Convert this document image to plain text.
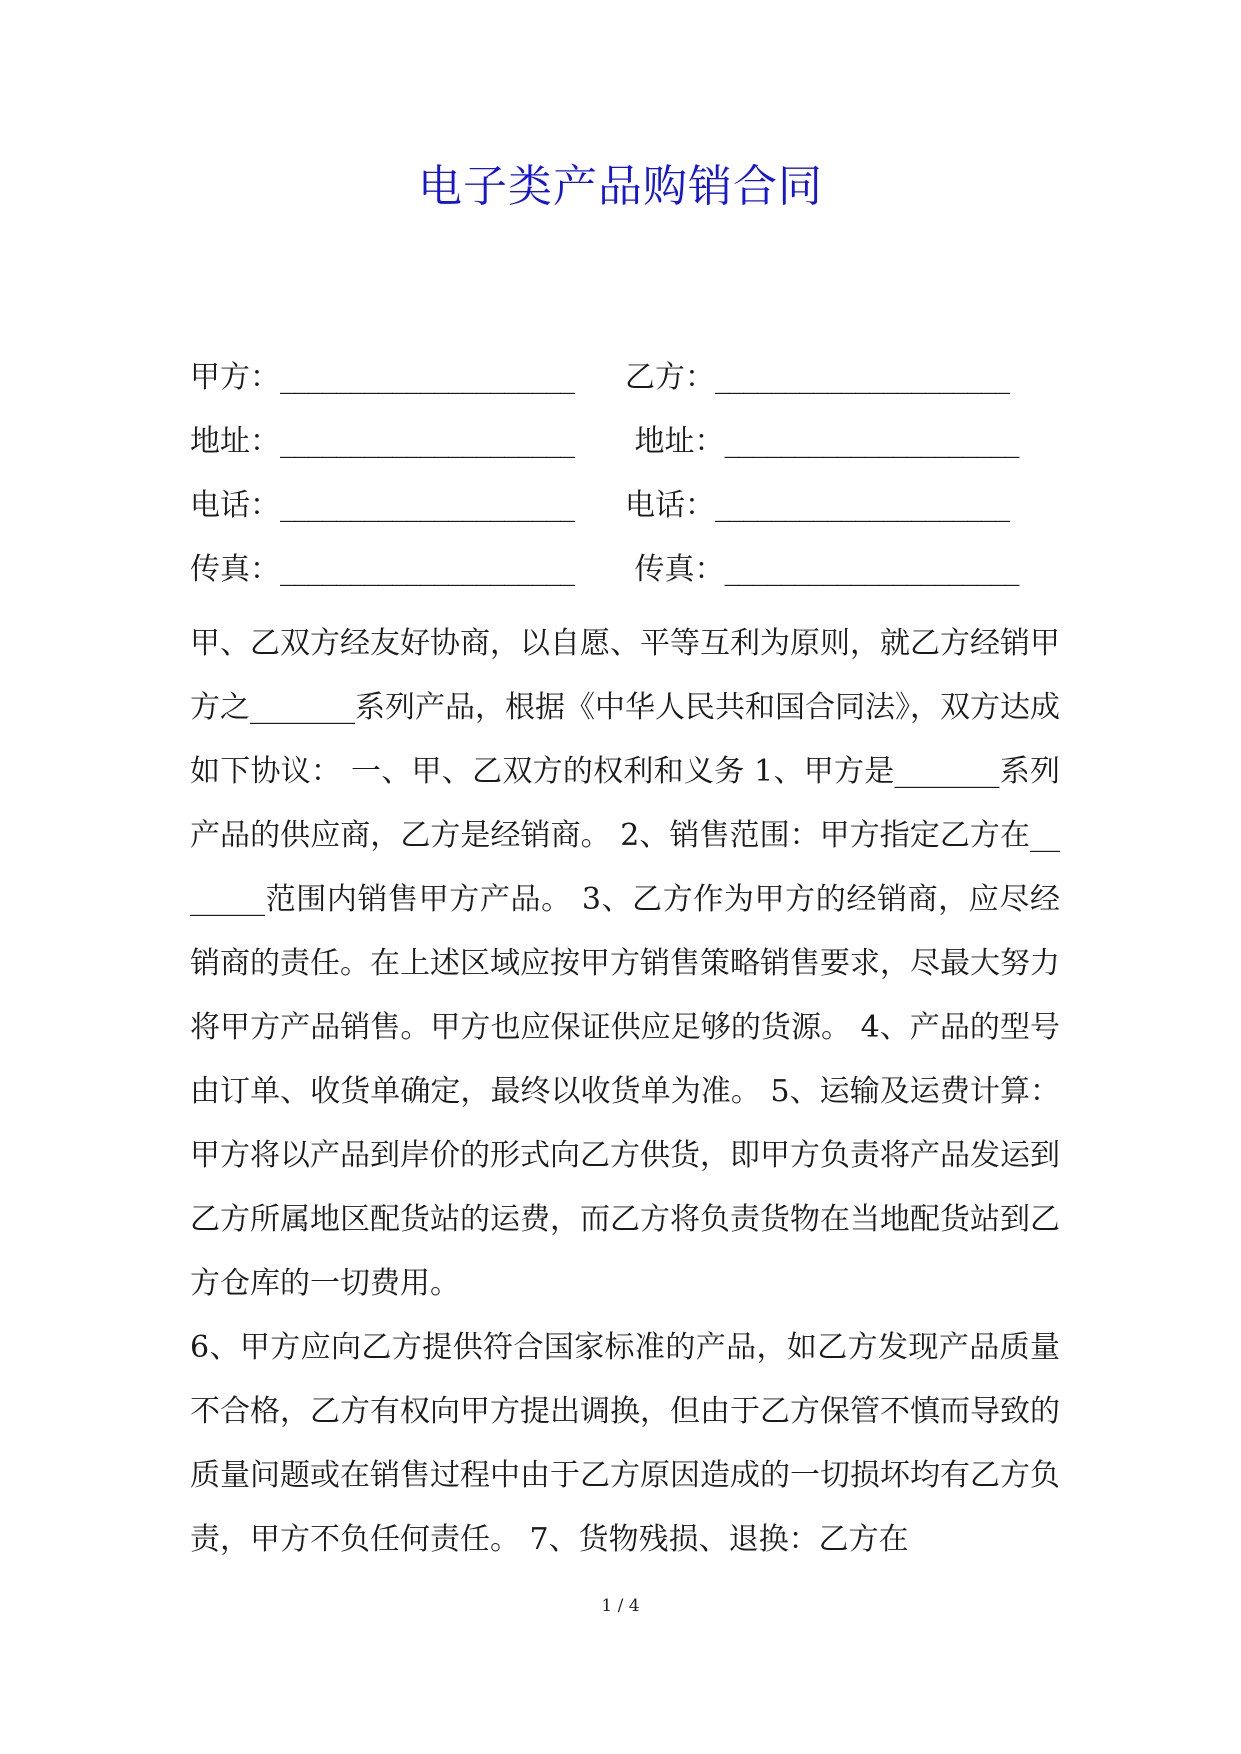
电子类产品购销合同
甲方： _____________________ 乙方： _____________________
地址： _____________________ 地址： _____________________
电话： _____________________ 电话： _____________________
传真： _____________________ 传真： _____________________

甲、乙双方经友好协商，以自愿、平等互利为原则，就乙方经销甲方之_______系列产品，根据《中华人民共和国合同法》，双方达成如下协议： 一、甲、乙双方的权利和义务 1、甲方是_______系列产品的供应商，乙方是经销商。 2、销售范围：甲方指定乙方在_______范围内销售甲方产品。 3、乙方作为甲方的经销商，应尽经销商的责任。在上述区域应按甲方销售策略销售要求，尽最大努力将甲方产品销售。甲方也应保证供应足够的货源。 4、产品的型号由订单、收货单确定，最终以收货单为准。 5、运输及运费计算：甲方将以产品到岸价的形式向乙方供货，即甲方负责将产品发运到乙方所属地区配货站的运费，而乙方将负责货物在当地配货站到乙方仓库的一切费用。

6、甲方应向乙方提供符合国家标准的产品，如乙方发现产品质量不合格，乙方有权向甲方提出调换，但由于乙方保管不慎而导致的质量问题或在销售过程中由于乙方原因造成的一切损坏均有乙方负责，甲方不负任何责任。 7、货物残损、退换：乙方在

1 / 4
